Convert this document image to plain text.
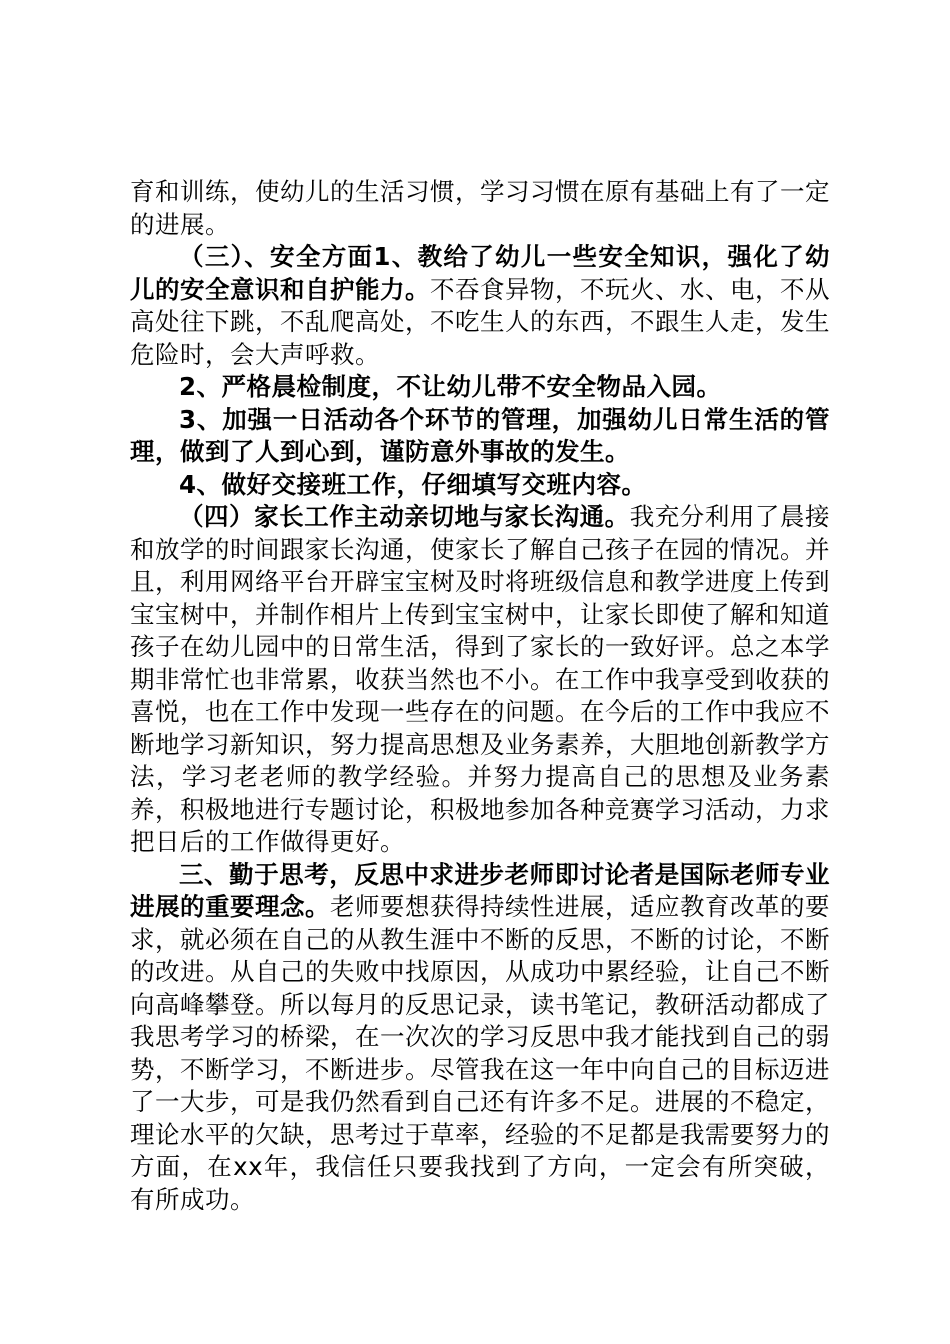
育和训练，使幼儿的生活习惯，学习习惯在原有基础上有了一定的进展。

（三）、安全方面1、教给了幼儿一些安全知识，强化了幼儿的安全意识和自护能力。不吞食异物，不玩火、水、电，不从高处往下跳，不乱爬高处，不吃生人的东西，不跟生人走，发生危险时，会大声呼救。

2、严格晨检制度，不让幼儿带不安全物品入园。

3、加强一日活动各个环节的管理，加强幼儿日常生活的管理，做到了人到心到，谨防意外事故的发生。

4、做好交接班工作，仔细填写交班内容。

（四）家长工作主动亲切地与家长沟通。我充分利用了晨接和放学的时间跟家长沟通，使家长了解自己孩子在园的情况。并且，利用网络平台开辟宝宝树及时将班级信息和教学进度上传到宝宝树中，并制作相片上传到宝宝树中，让家长即使了解和知道孩子在幼儿园中的日常生活，得到了家长的一致好评。总之本学期非常忙也非常累，收获当然也不小。在工作中我享受到收获的喜悦，也在工作中发现一些存在的问题。在今后的工作中我应不断地学习新知识，努力提高思想及业务素养，大胆地创新教学方法，学习老老师的教学经验。并努力提高自己的思想及业务素养，积极地进行专题讨论，积极地参加各种竞赛学习活动，力求把日后的工作做得更好。

三、勤于思考，反思中求进步老师即讨论者是国际老师专业进展的重要理念。老师要想获得持续性进展，适应教育改革的要求，就必须在自己的从教生涯中不断的反思，不断的讨论，不断的改进。从自己的失败中找原因，从成功中累经验，让自己不断向高峰攀登。所以每月的反思记录，读书笔记，教研活动都成了我思考学习的桥梁，在一次次的学习反思中我才能找到自己的弱势，不断学习，不断进步。尽管我在这一年中向自己的目标迈进了一大步，可是我仍然看到自己还有许多不足。进展的不稳定，理论水平的欠缺，思考过于草率，经验的不足都是我需要努力的方面，在xx年，我信任只要我找到了方向，一定会有所突破，有所成功。
